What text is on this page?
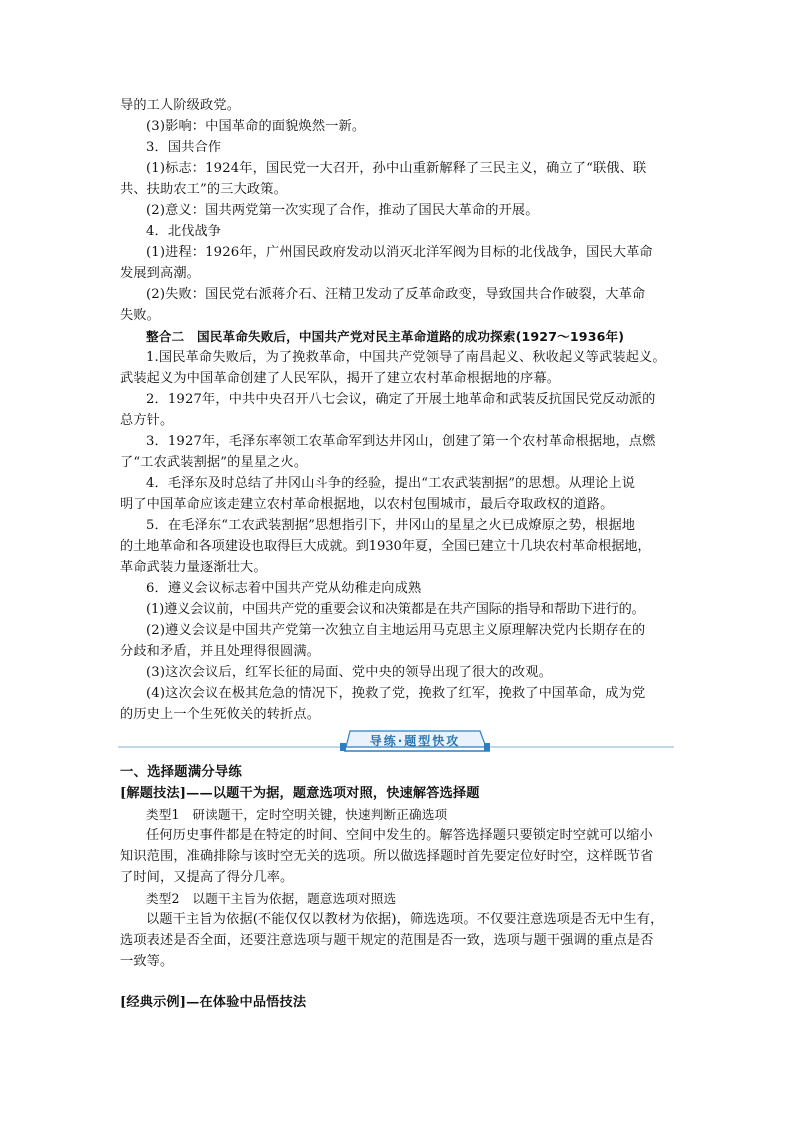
导的工人阶级政党。
(3)影响：中国革命的面貌焕然一新。
3．国共合作
(1)标志：1924年，国民党一大召开，孙中山重新解释了三民主义，确立了“联俄、联
共、扶助农工”的三大政策。
(2)意义：国共两党第一次实现了合作，推动了国民大革命的开展。
4．北伐战争
(1)进程：1926年，广州国民政府发动以消灭北洋军阀为目标的北伐战争，国民大革命
发展到高潮。
(2)失败：国民党右派蒋介石、汪精卫发动了反革命政变，导致国共合作破裂，大革命
失败。
整合二　国民革命失败后，中国共产党对民主革命道路的成功探索(1927～1936年)
1.国民革命失败后，为了挽救革命，中国共产党领导了南昌起义、秋收起义等武装起义。
武装起义为中国革命创建了人民军队，揭开了建立农村革命根据地的序幕。
2．1927年，中共中央召开八七会议，确定了开展土地革命和武装反抗国民党反动派的
总方针。
3．1927年，毛泽东率领工农革命军到达井冈山，创建了第一个农村革命根据地，点燃
了“工农武装割据”的星星之火。
4．毛泽东及时总结了井冈山斗争的经验，提出“工农武装割据”的思想。从理论上说
明了中国革命应该走建立农村革命根据地，以农村包围城市，最后夺取政权的道路。
5．在毛泽东“工农武装割据”思想指引下，井冈山的星星之火已成燎原之势，根据地
的土地革命和各项建设也取得巨大成就。到1930年夏，全国已建立十几块农村革命根据地，
革命武装力量逐渐壮大。
6．遵义会议标志着中国共产党从幼稚走向成熟
(1)遵义会议前，中国共产党的重要会议和决策都是在共产国际的指导和帮助下进行的。
(2)遵义会议是中国共产党第一次独立自主地运用马克思主义原理解决党内长期存在的
分歧和矛盾，并且处理得很圆满。
(3)这次会议后，红军长征的局面、党中央的领导出现了很大的改观。
(4)这次会议在极其危急的情况下，挽救了党，挽救了红军，挽救了中国革命，成为党
的历史上一个生死攸关的转折点。
导练·题型快攻
一、选择题满分导练
[解题技法]——以题干为据，题意选项对照，快速解答选择题
类型1　研读题干，定时空明关键，快速判断正确选项
任何历史事件都是在特定的时间、空间中发生的。解答选择题只要锁定时空就可以缩小
知识范围，准确排除与该时空无关的选项。所以做选择题时首先要定位好时空，这样既节省
了时间，又提高了得分几率。
类型2　以题干主旨为依据，题意选项对照选
以题干主旨为依据(不能仅仅以教材为依据)，筛选选项。不仅要注意选项是否无中生有，
选项表述是否全面，还要注意选项与题干规定的范围是否一致，选项与题干强调的重点是否
一致等。
[经典示例]—在体验中品悟技法
